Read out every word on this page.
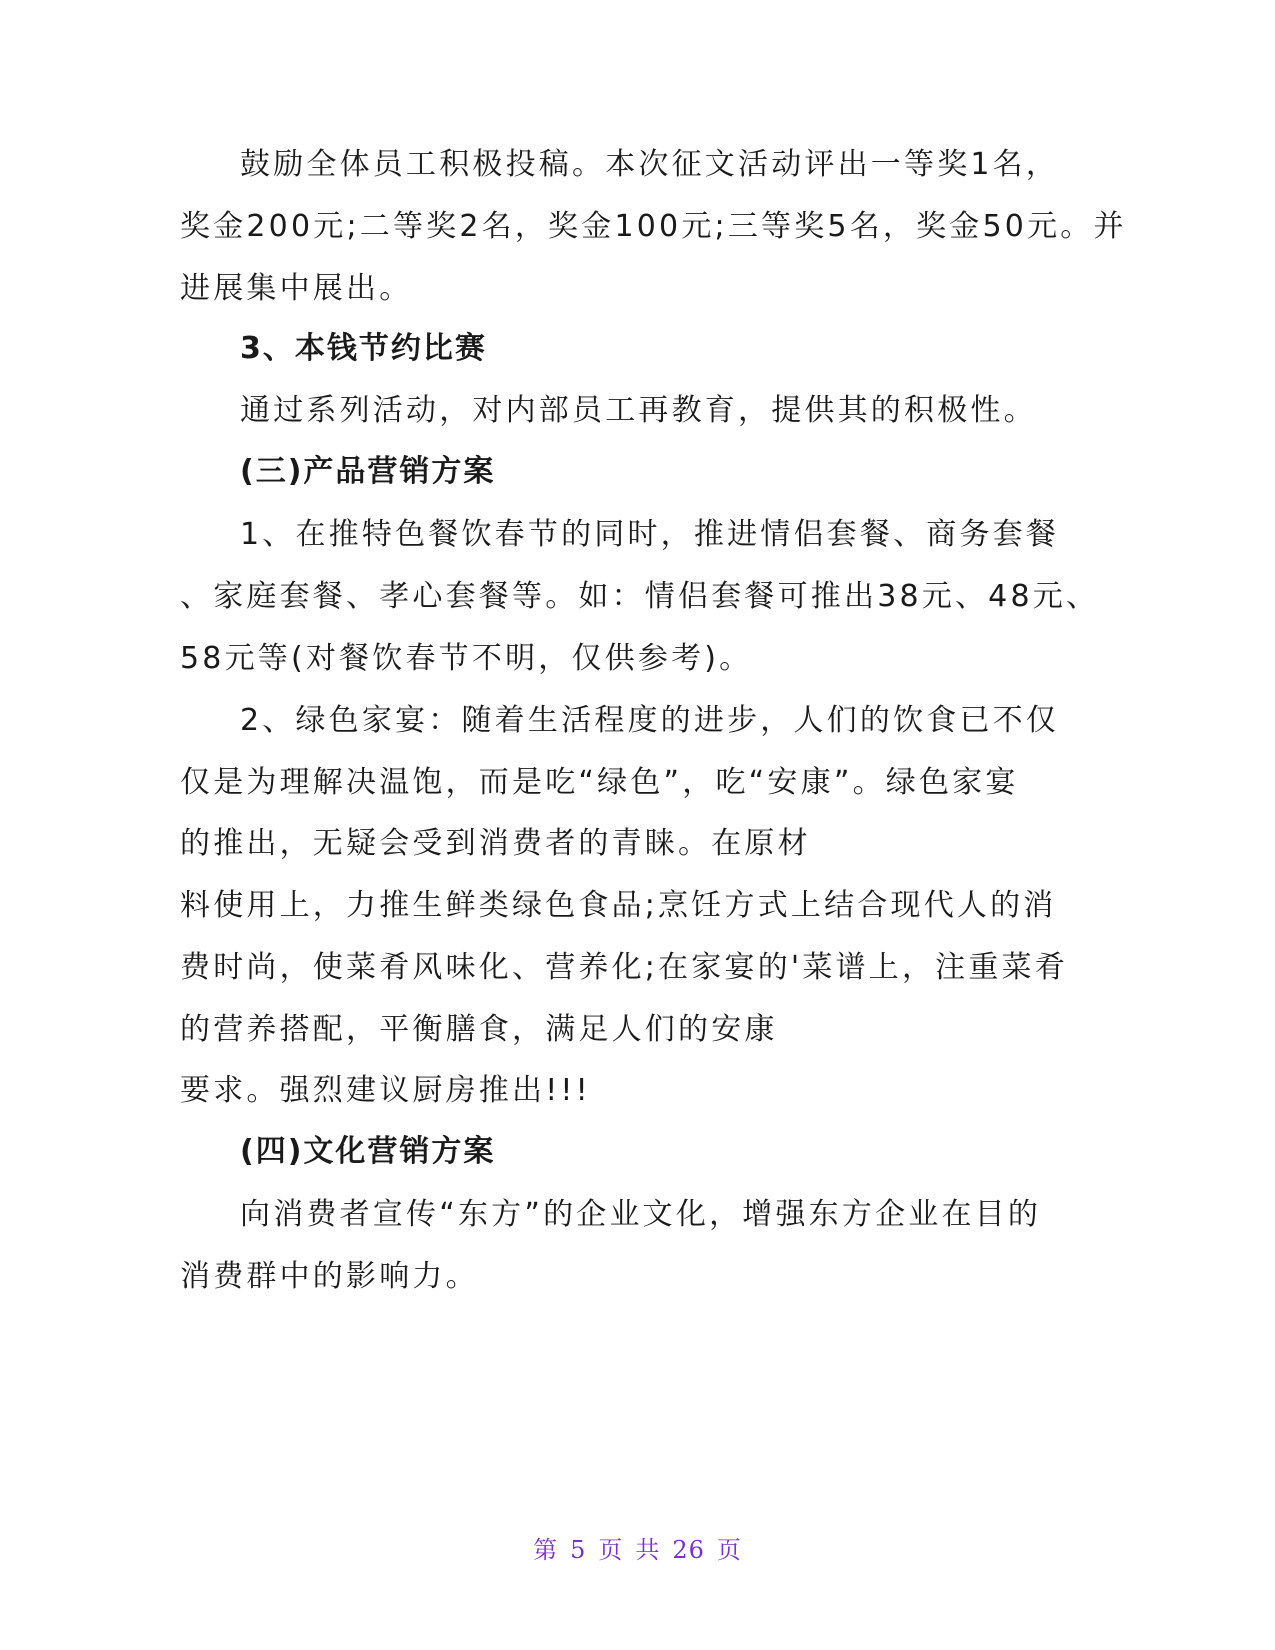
鼓励全体员工积极投稿。本次征文活动评出一等奖1名，
奖金200元;二等奖2名，奖金100元;三等奖5名，奖金50元。并
进展集中展出。
3、本钱节约比赛
通过系列活动，对内部员工再教育，提供其的积极性。
(三)产品营销方案
1、在推特色餐饮春节的同时，推进情侣套餐、商务套餐
、家庭套餐、孝心套餐等。如：情侣套餐可推出38元、48元、
58元等(对餐饮春节不明，仅供参考)。
2、绿色家宴：随着生活程度的进步，人们的饮食已不仅
仅是为理解决温饱，而是吃“绿色”，吃“安康”。绿色家宴
的推出，无疑会受到消费者的青睐。在原材
料使用上，力推生鲜类绿色食品;烹饪方式上结合现代人的消
费时尚，使菜肴风味化、营养化;在家宴的'菜谱上，注重菜肴
的营养搭配，平衡膳食，满足人们的安康
要求。强烈建议厨房推出!!!
(四)文化营销方案
向消费者宣传“东方”的企业文化，增强东方企业在目的
消费群中的影响力。
第 5 页 共 26 页
